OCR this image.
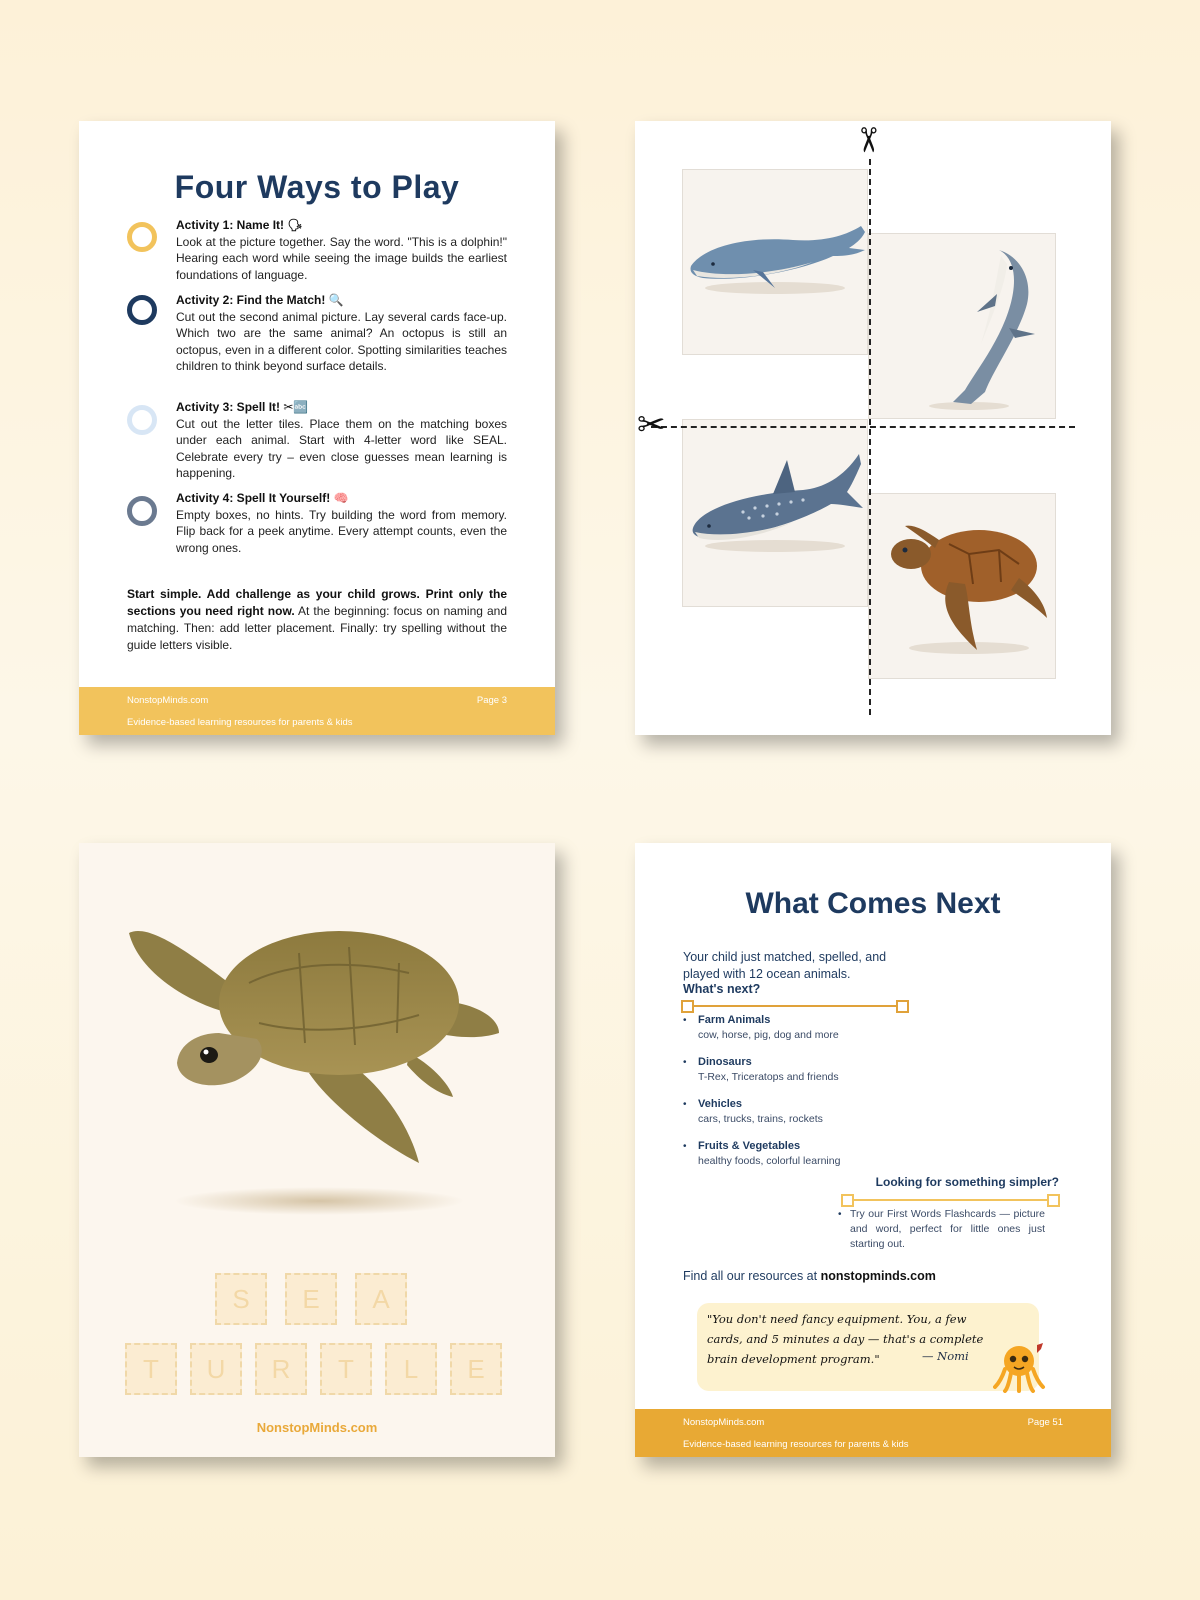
Four Ways to Play
Activity 1: Name It! 🗣
Look at the picture together. Say the word. "This is a dolphin!" Hearing each word while seeing the image builds the earliest foundations of language.
Activity 2: Find the Match! 🔍
Cut out the second animal picture. Lay several cards face-up. Which two are the same animal? An octopus is still an octopus, even in a different color. Spotting similarities teaches children to think beyond surface details.
Activity 3: Spell It! ✂🔤
Cut out the letter tiles. Place them on the matching boxes under each animal. Start with 4-letter word like SEAL. Celebrate every try – even close guesses mean learning is happening.
Activity 4: Spell It Yourself! 🧠
Empty boxes, no hints. Try building the word from memory. Flip back for a peek anytime. Every attempt counts, even the wrong ones.
Start simple. Add challenge as your child grows. Print only the sections you need right now. At the beginning: focus on naming and matching. Then: add letter placement. Finally: try spelling without the guide letters visible.
NonstopMinds.com	Page 3
Evidence-based learning resources for parents & kids
✂
✂
S	E	A
T	U	R	T	L	E
NonstopMinds.com
What Comes Next
Your child just matched, spelled, and played with 12 ocean animals.
What's next?
• Farm Animals
cow, horse, pig, dog and more
• Dinosaurs
T-Rex, Triceratops and friends
• Vehicles
cars, trucks, trains, rockets
• Fruits & Vegetables
healthy foods, colorful learning
Looking for something simpler?
• Try our First Words Flashcards — picture and word, perfect for little ones just starting out.
Find all our resources at nonstopminds.com
"You don't need fancy equipment. You, a few cards, and 5 minutes a day — that's a complete brain development program."	— Nomi
NonstopMinds.com	Page 51
Evidence-based learning resources for parents & kids
